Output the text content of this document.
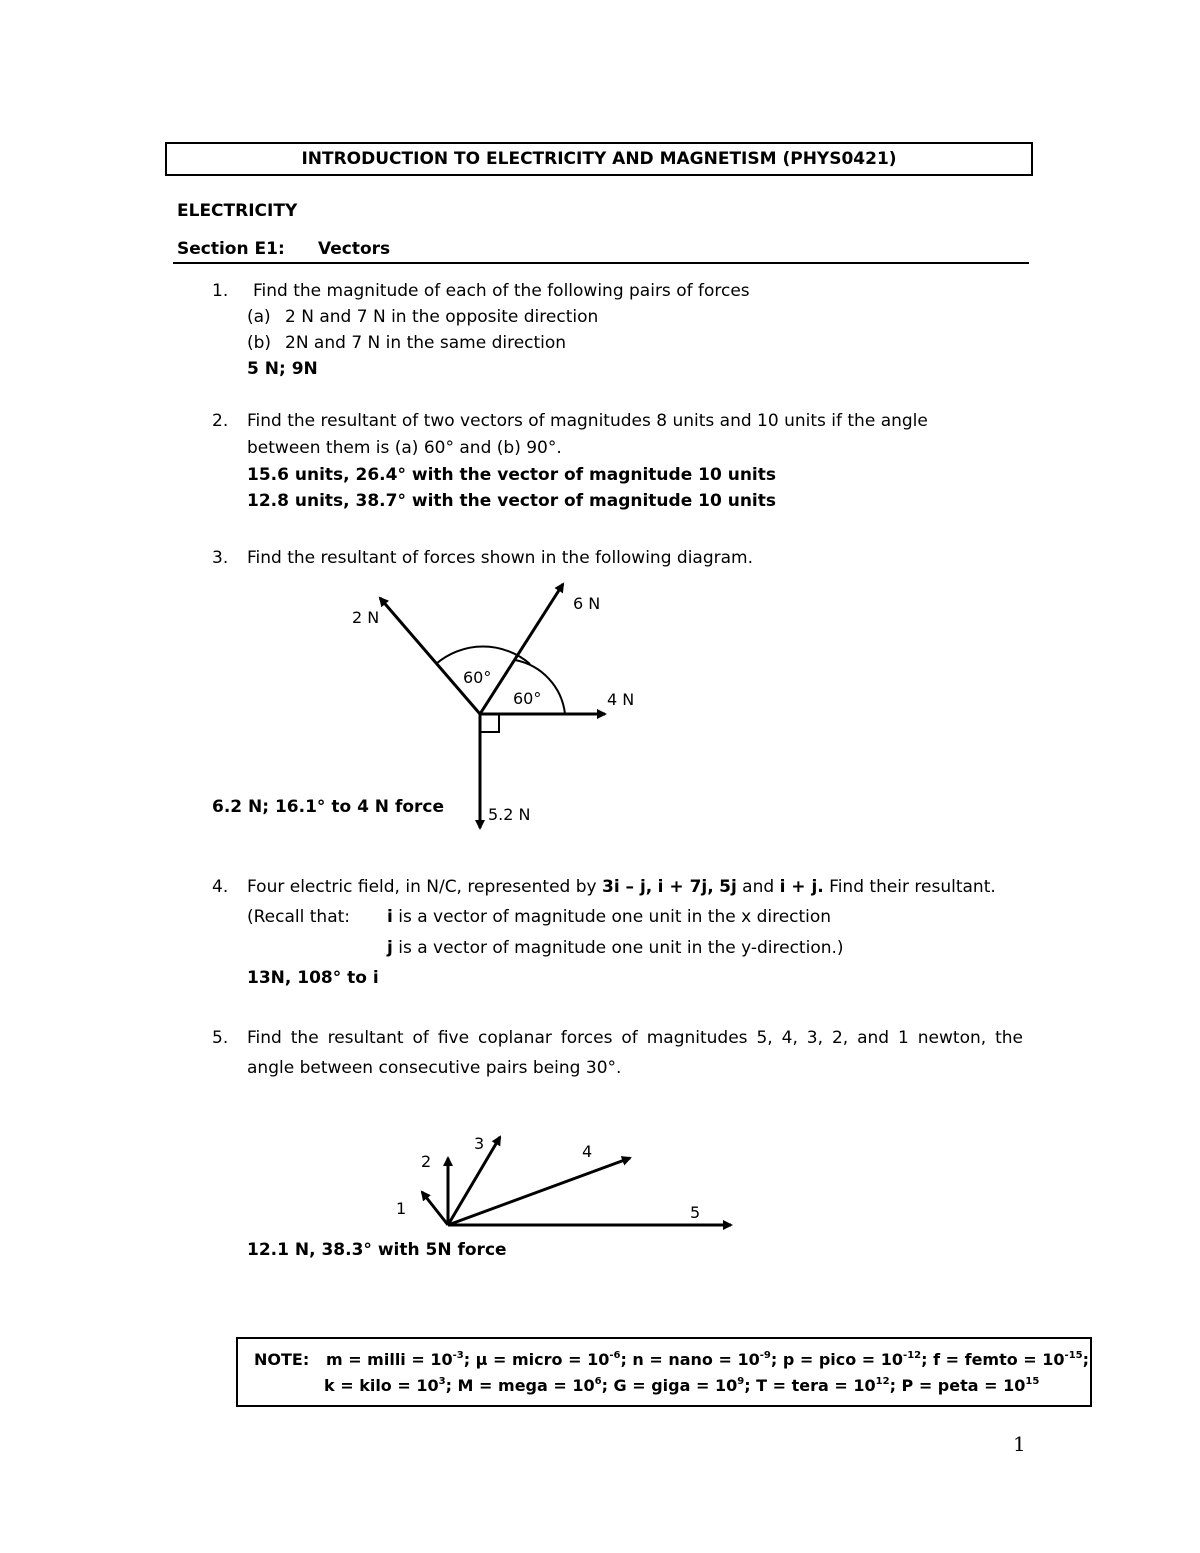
INTRODUCTION TO ELECTRICITY AND MAGNETISM (PHYS0421)
ELECTRICITY
Section E1: Vectors
1. Find the magnitude of each of the following pairs of forces
(a) 2 N and 7 N in the opposite direction
(b) 2N and 7 N in the same direction
5 N; 9N
2. Find the resultant of two vectors of magnitudes 8 units and 10 units if the angle
between them is (a) 60° and (b) 90°.
15.6 units, 26.4° with the vector of magnitude 10 units
12.8 units, 38.7° with the vector of magnitude 10 units
3. Find the resultant of forces shown in the following diagram.
2 N
6 N
4 N
5.2 N
60°
60°
1
2
3	4
5
6.2 N; 16.1° to 4 N force
4. Four electric field, in N/C, represented by 3i – j, i + 7j, 5j and i + j. Find their resultant.
(Recall that: i is a vector of magnitude one unit in the x direction
j is a vector of magnitude one unit in the y-direction.)
13N, 108° to i
5. Find the resultant of five coplanar forces of magnitudes 5, 4, 3, 2, and 1 newton, the
angle between consecutive pairs being 30°.
12.1 N, 38.3° with 5N force
NOTE: m = milli = $10^{-3}$; μ = micro = $10^{-6}$; n = nano = $10^{-9}$; p = pico = $10^{-12}$; f = femto = $10^{-15}$;
k = kilo = $10^3$; M = mega = $10^6$; G = giga = $10^9$; T = tera = $10^{12}$; P = peta = $10^{15}$
1
